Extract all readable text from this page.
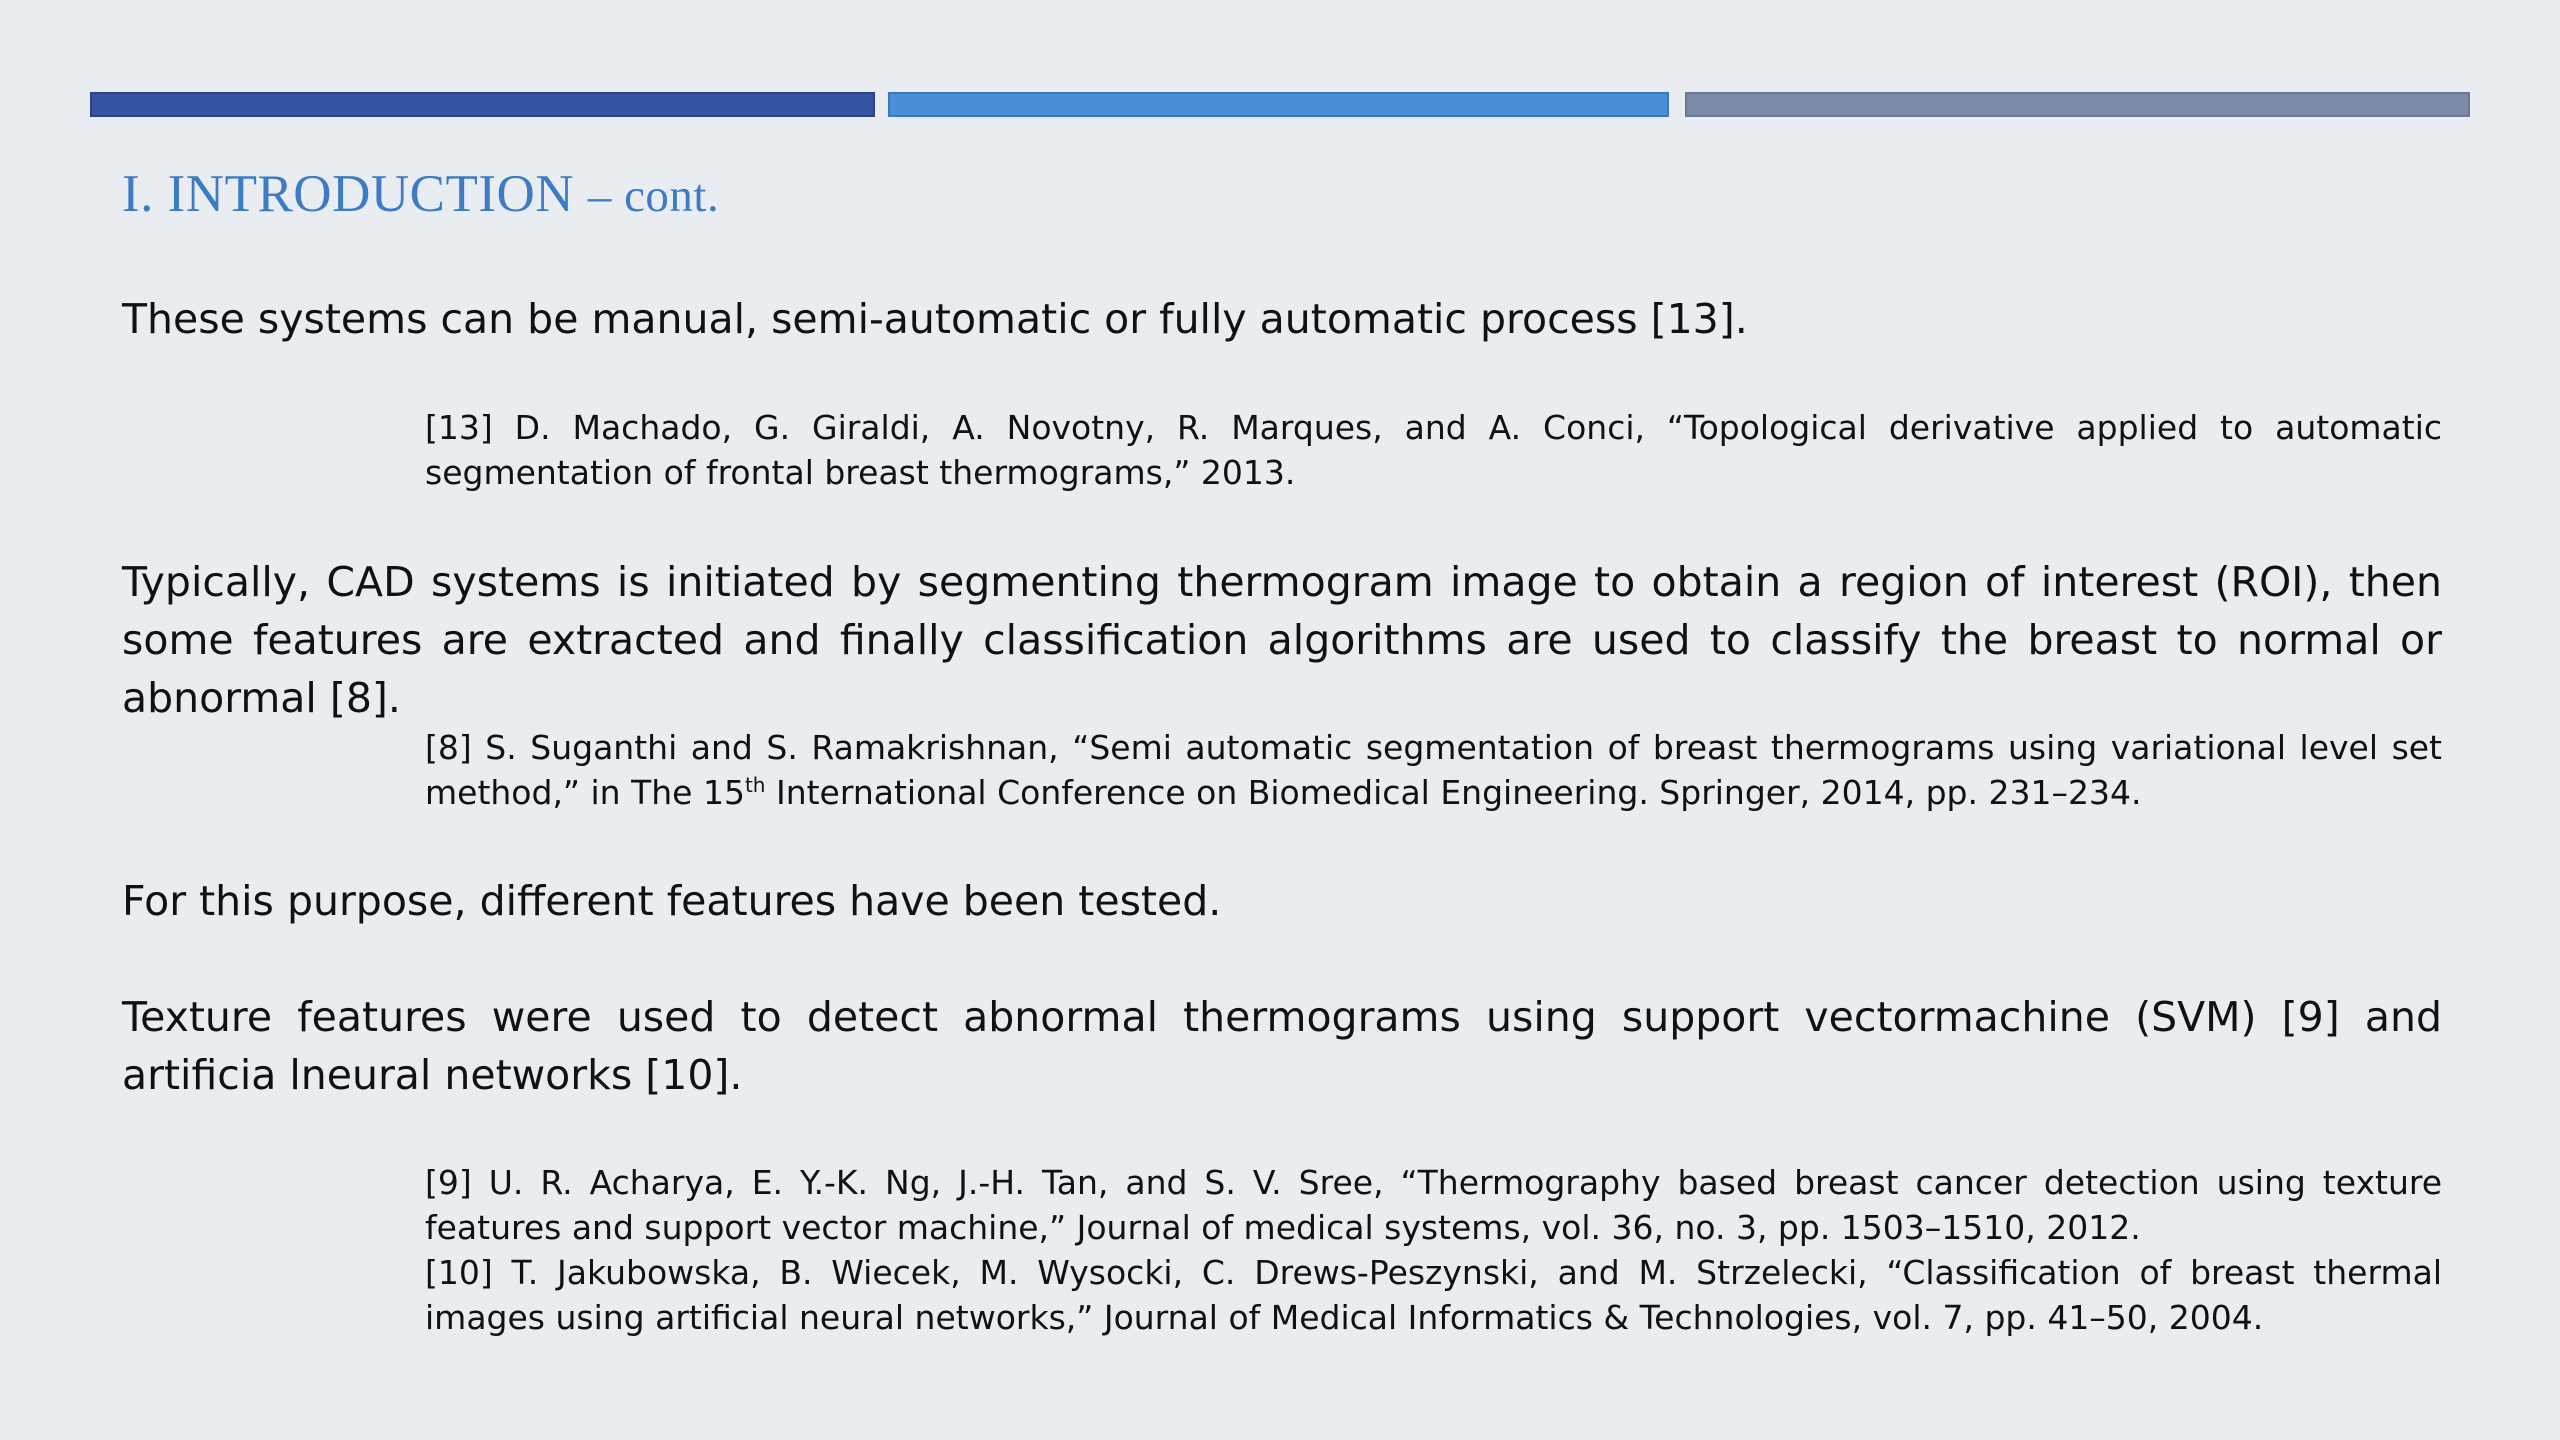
I. INTRODUCTION – cont.

These systems can be manual, semi-automatic or fully automatic process [13].

[13] D. Machado, G. Giraldi, A. Novotny, R. Marques, and A. Conci, “Topological derivative applied to automatic segmentation of frontal breast thermograms,” 2013.

Typically, CAD systems is initiated by segmenting thermogram image to obtain a region of interest (ROI), then some features are extracted and finally classification algorithms are used to classify the breast to normal or abnormal [8].

[8] S. Suganthi and S. Ramakrishnan, “Semi automatic segmentation of breast thermograms using variational level set method,” in The 15th International Conference on Biomedical Engineering. Springer, 2014, pp. 231–234.

For this purpose, different features have been tested.

Texture features were used to detect abnormal thermograms using support vectormachine (SVM) [9] and artificia lneural networks [10].

[9] U. R. Acharya, E. Y.-K. Ng, J.-H. Tan, and S. V. Sree, “Thermography based breast cancer detection using texture features and support vector machine,” Journal of medical systems, vol. 36, no. 3, pp. 1503–1510, 2012.

[10] T. Jakubowska, B. Wiecek, M. Wysocki, C. Drews-Peszynski, and M. Strzelecki, “Classification of breast thermal images using artificial neural networks,” Journal of Medical Informatics & Technologies, vol. 7, pp. 41–50, 2004.
